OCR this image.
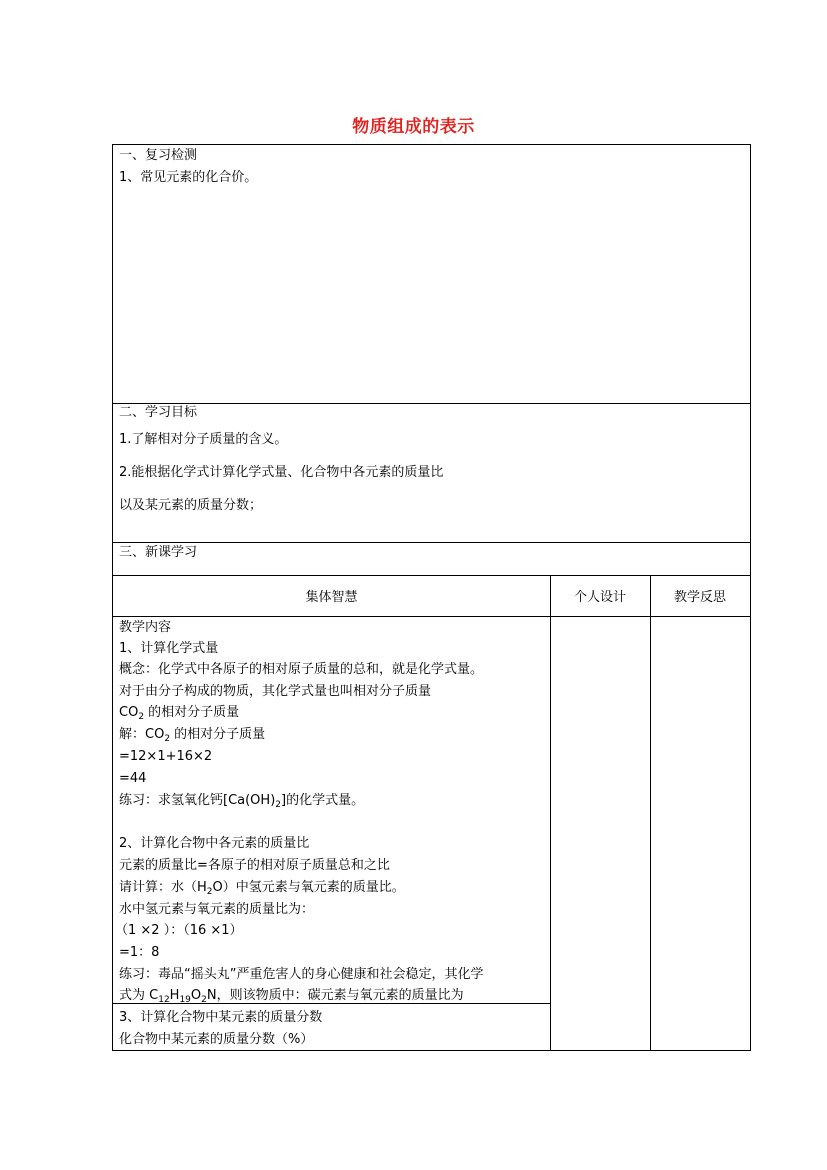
物质组成的表示
一、复习检测
1、常见元素的化合价。
二、学习目标
1.了解相对分子质量的含义。
2.能根据化学式计算化学式量、化合物中各元素的质量比
以及某元素的质量分数；
三、新课学习
集体智慧	个人设计	教学反思
教学内容
1、计算化学式量
概念：化学式中各原子的相对原子质量的总和，就是化学式量。
对于由分子构成的物质，其化学式量也叫相对分子质量
$CO_2$ 的相对分子质量
解：$CO_2$ 的相对分子质量
=12×1+16×2
=44
练习：求氢氧化钙$[Ca(OH)_2]$的化学式量。
2、计算化合物中各元素的质量比
元素的质量比=各原子的相对原子质量总和之比
请计算：水$(H_2O)$中氢元素与氧元素的质量比。
水中氢元素与氧元素的质量比为：
（1 ×2 ）：（16 ×1）
=1：8
练习：毒品“摇头丸”严重危害人的身心健康和社会稳定，其化学
式为 $C_{12}H_{19}O_2N$，则该物质中：碳元素与氧元素的质量比为
3、计算化合物中某元素的质量分数
化合物中某元素的质量分数（%）
